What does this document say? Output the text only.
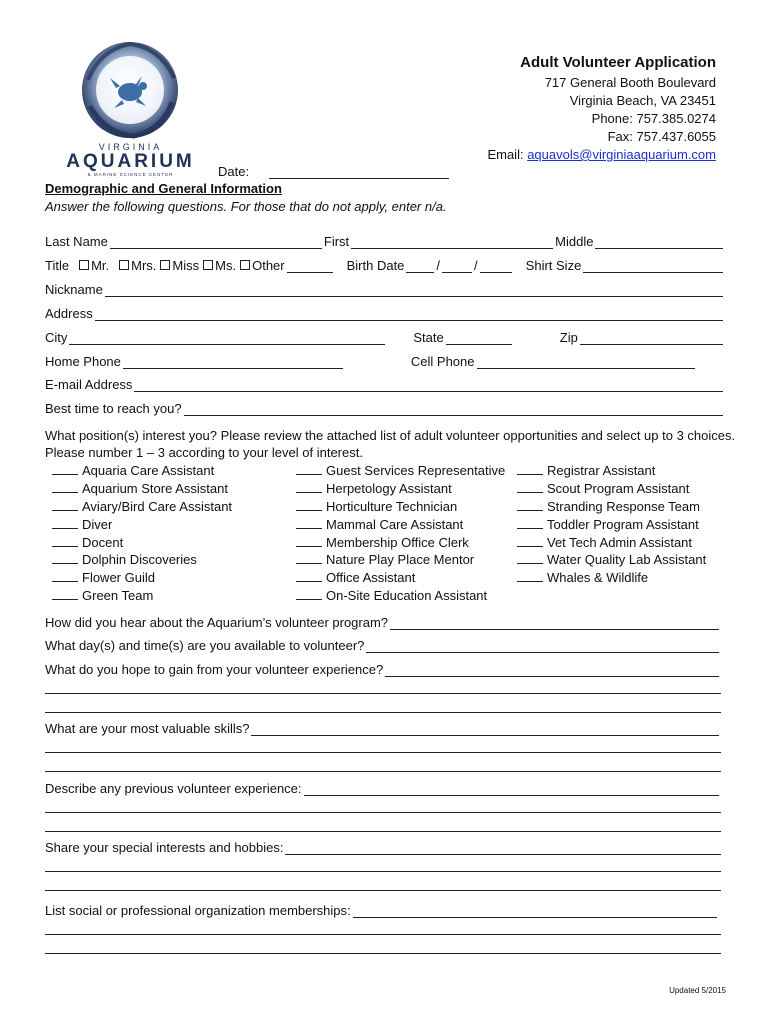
VIRGINIA
AQUARIUM
& MARINE SCIENCE CENTER
Adult Volunteer Application
717 General Booth Boulevard
Virginia Beach, VA 23451
Phone: 757.385.0274
Fax: 757.437.6055
Email: aquavols@virginiaaquarium.com
Date:
Demographic and General Information
Answer the following questions. For those that do not apply, enter n/a.
Last Name	First	Middle
Title	Mr.	Mrs.	Miss	Ms.	Other	Birth Date /	/	Shirt Size
Nickname
Address
City	State	Zip
Home Phone	Cell Phone
E-mail Address
Best time to reach you?
What position(s) interest you? Please review the attached list of adult volunteer opportunities and select up to 3 choices.
Please number 1 – 3 according to your level of interest.
Aquaria Care Assistant
Aquarium Store Assistant
Aviary/Bird Care Assistant
Diver
Docent
Dolphin Discoveries
Flower Guild
Green Team
Guest Services Representative
Herpetology Assistant
Horticulture Technician
Mammal Care Assistant
Membership Office Clerk
Nature Play Place Mentor
Office Assistant
On-Site Education Assistant
Registrar Assistant
Scout Program Assistant
Stranding Response Team
Toddler Program Assistant
Vet Tech Admin Assistant
Water Quality Lab Assistant
Whales & Wildlife
How did you hear about the Aquarium’s volunteer program?
What day(s) and time(s) are you available to volunteer?
What do you hope to gain from your volunteer experience?
What are your most valuable skills?
Describe any previous volunteer experience:
Share your special interests and hobbies:
List social or professional organization memberships:
Updated 5/2015
